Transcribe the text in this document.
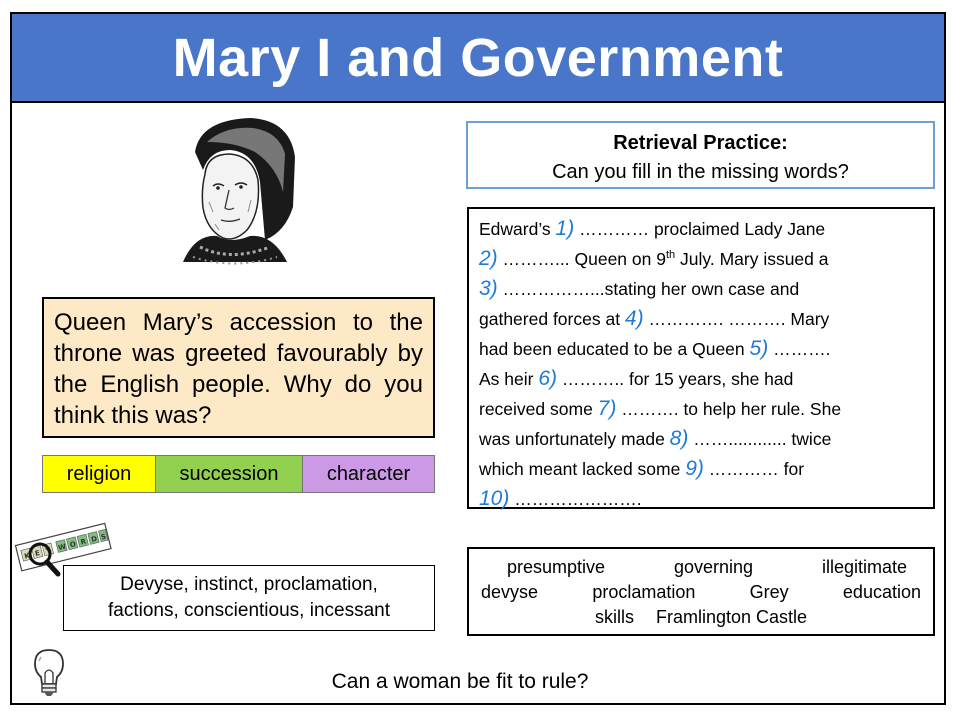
Mary I and Government
Queen Mary’s accession to the throne was greeted favourably by the English people. Why do you think this was?
religion	succession	character
K E Y W O R D S
Devyse, instinct, proclamation,
factions, conscientious, incessant
Retrieval Practice:
Can you fill in the missing words?
Edward’s 1) ………… proclaimed Lady Jane
2) ………... Queen on 9th July. Mary issued a
3) ……………...stating her own case and
gathered forces at 4) …………. ………. Mary
had been educated to be a Queen 5) ……….
As heir 6) ……….. for 15 years, she had
received some 7) ………. to help her rule. She
was unfortunately made 8) ……............ twice
which meant lacked some 9) ………… for
10) ………………….
presumptive	governing	illegitimate
devyse	proclamation	Grey	education
skills Framlington Castle
Can a woman be fit to rule?
